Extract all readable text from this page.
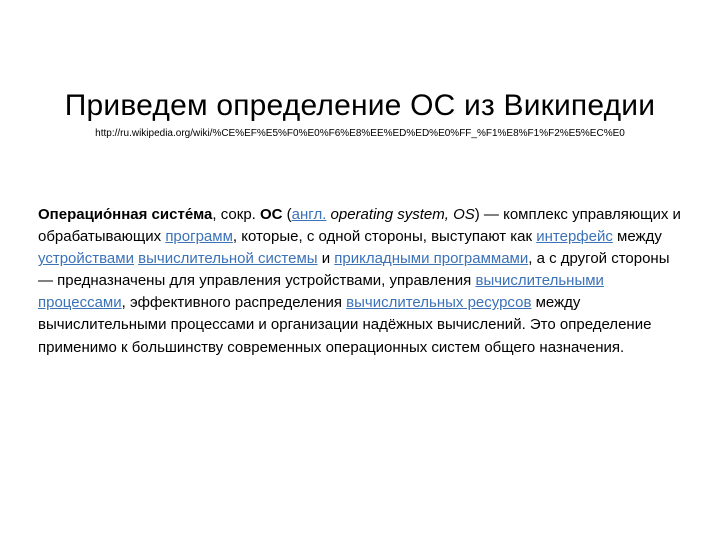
Приведем определение ОС из Википедии
http://ru.wikipedia.org/wiki/%CE%EF%E5%F0%E0%F6%E8%EE%ED%ED%E0%FF_%F1%E8%F1%F2%E5%EC%E0
Операцио́нная систе́ма, сокр. ОС (англ. operating system, OS) — комплекс управляющих и обрабатывающих программ, которые, с одной стороны, выступают как интерфейс между устройствами вычислительной системы и прикладными программами, а с другой стороны — предназначены для управления устройствами, управления вычислительными процессами, эффективного распределения вычислительных ресурсов между вычислительными процессами и организации надёжных вычислений. Это определение применимо к большинству современных операционных систем общего назначения.
